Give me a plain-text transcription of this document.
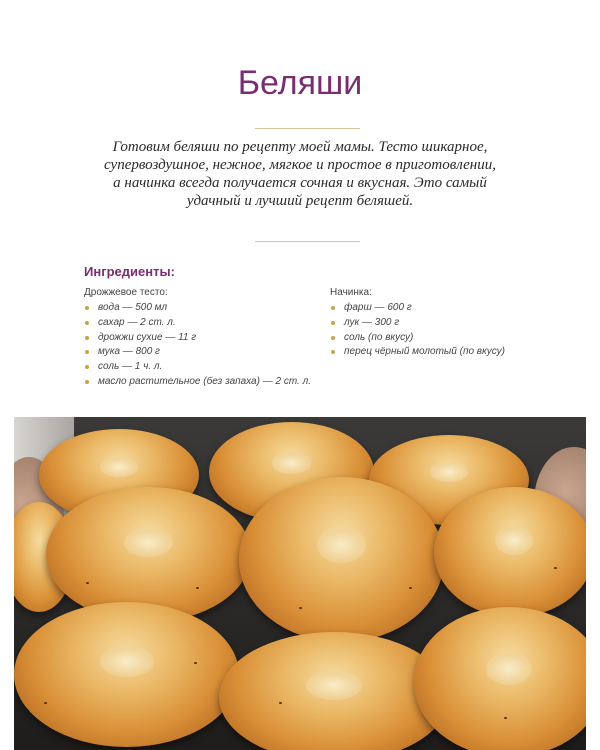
Беляши

Готовим беляши по рецепту моей мамы. Тесто шикарное, супервоздушное, нежное, мягкое и простое в приготовлении, а начинка всегда получается сочная и вкусная. Это самый удачный и лучший рецепт беляшей.

Ингредиенты:

Дрожжевое тесто:

вода — 500 мл
сахар — 2 ст. л.
дрожжи сухие — 11 г
мука — 800 г
соль — 1 ч. л.
масло растительное (без запаха) — 2 ст. л.

Начинка:

фарш — 600 г
лук — 300 г
соль (по вкусу)
перец чёрный молотый (по вкусу)
